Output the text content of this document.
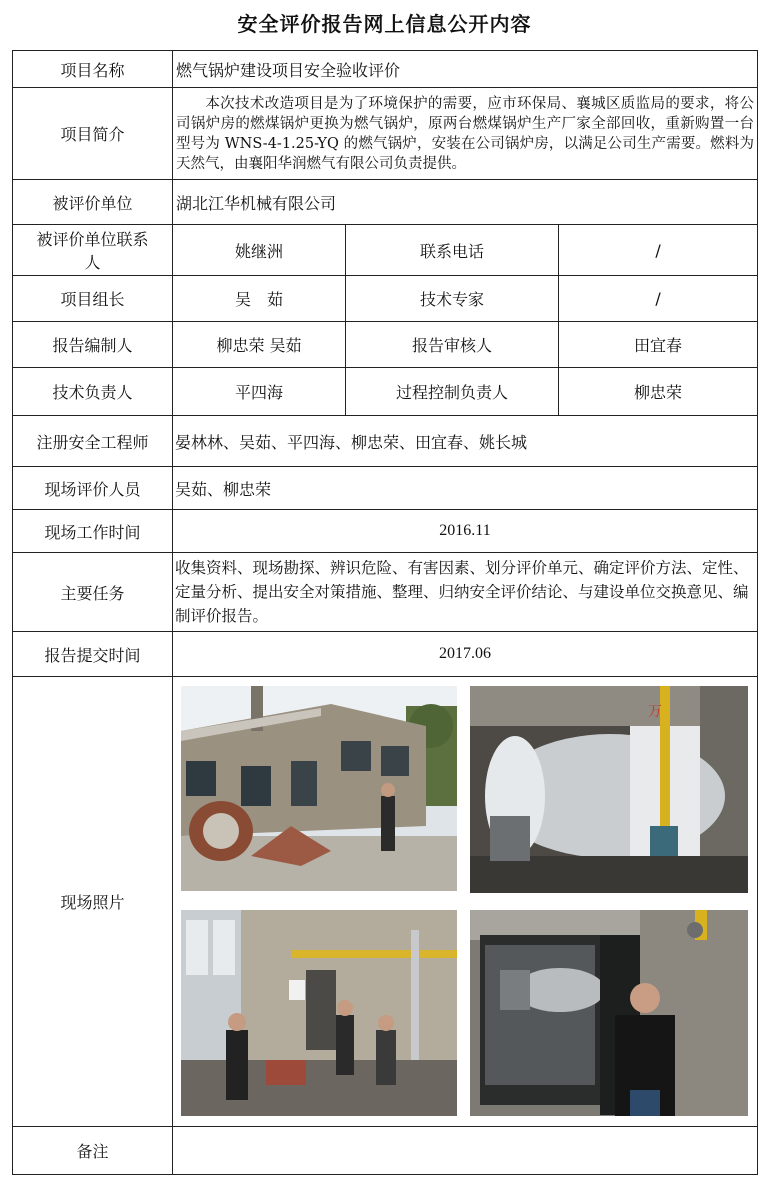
安全评价报告网上信息公开内容
项目名称	燃气锅炉建设项目安全验收评价		
项目简介	本次技术改造项目是为了环境保护的需要，应市环保局、襄城区质监局的要求，将公司锅炉房的燃煤锅炉更换为燃气锅炉，原两台燃煤锅炉生产厂家全部回收，重新购置一台型号为 WNS-4-1.25-YQ 的燃气锅炉，安装在公司锅炉房，以满足公司生产需要。燃料为天然气，由襄阳华润燃气有限公司负责提供。		
被评价单位	湖北江华机械有限公司		
被评价单位联系人	姚继洲	联系电话	/
项目组长	吴　茹	技术专家	/
报告编制人	柳忠荣 吴茹	报告审核人	田宜春
技术负责人	平四海	过程控制负责人	柳忠荣
注册安全工程师	晏林林、吴茹、平四海、柳忠荣、田宜春、姚长城		
现场评价人员	吴茹、柳忠荣		
现场工作时间	2016.11		
主要任务	收集资料、现场勘探、辨识危险、有害因素、划分评价单元、确定评价方法、定性、定量分析、提出安全对策措施、整理、归纳安全评价结论、与建设单位交换意见、编制评价报告。		
报告提交时间	2017.06		
现场照片	万		

备注			
